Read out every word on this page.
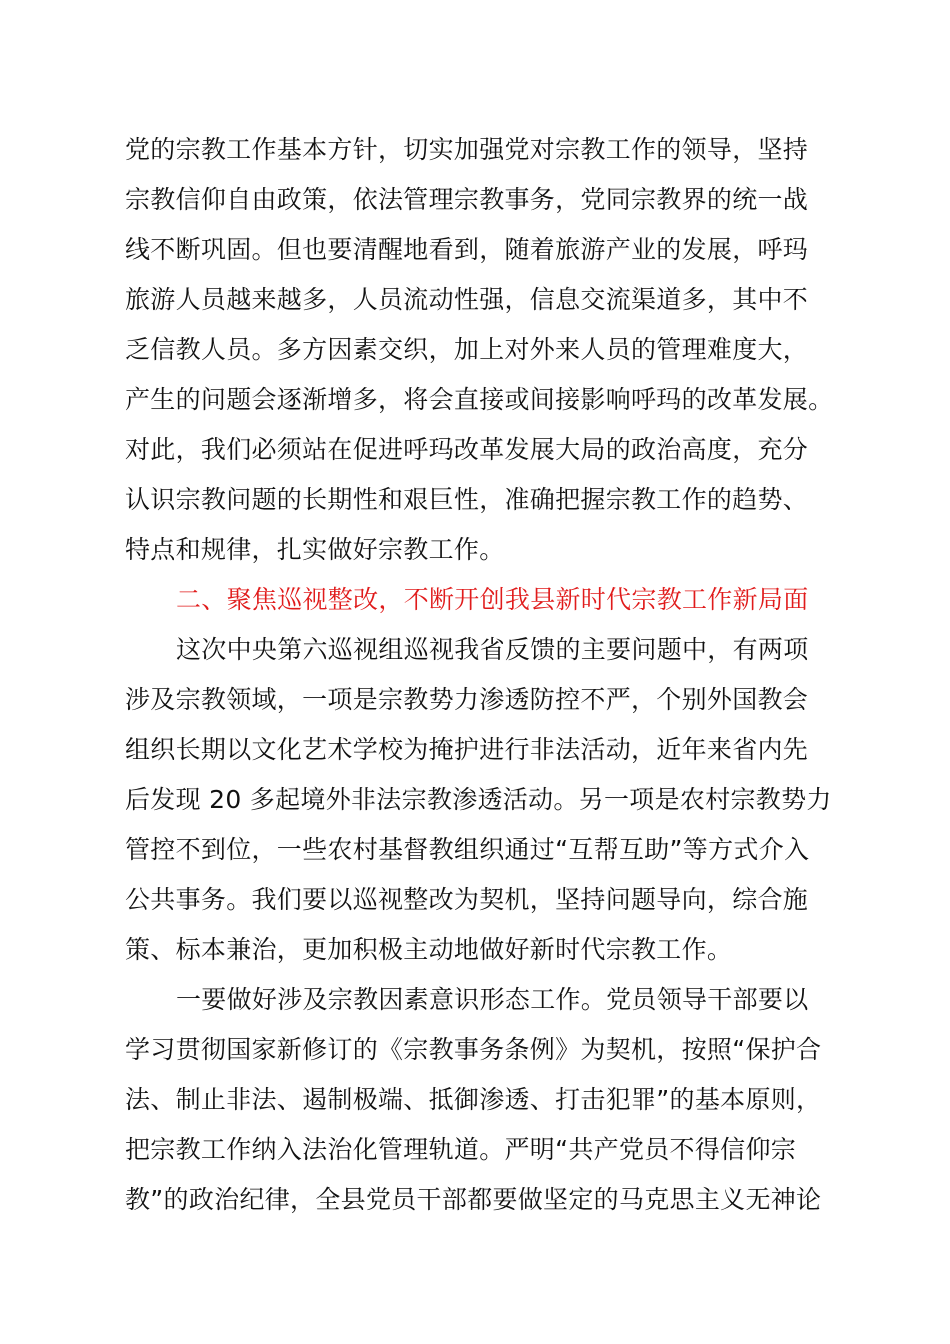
党的宗教工作基本方针，切实加强党对宗教工作的领导，坚持
宗教信仰自由政策，依法管理宗教事务，党同宗教界的统一战
线不断巩固。但也要清醒地看到，随着旅游产业的发展，呼玛
旅游人员越来越多，人员流动性强，信息交流渠道多，其中不
乏信教人员。多方因素交织，加上对外来人员的管理难度大，
产生的问题会逐渐增多，将会直接或间接影响呼玛的改革发展。
对此，我们必须站在促进呼玛改革发展大局的政治高度，充分
认识宗教问题的长期性和艰巨性，准确把握宗教工作的趋势、
特点和规律，扎实做好宗教工作。
二、聚焦巡视整改，不断开创我县新时代宗教工作新局面
这次中央第六巡视组巡视我省反馈的主要问题中，有两项
涉及宗教领域，一项是宗教势力渗透防控不严，个别外国教会
组织长期以文化艺术学校为掩护进行非法活动，近年来省内先
后发现 20 多起境外非法宗教渗透活动。另一项是农村宗教势力
管控不到位，一些农村基督教组织通过“互帮互助”等方式介入
公共事务。我们要以巡视整改为契机，坚持问题导向，综合施
策、标本兼治，更加积极主动地做好新时代宗教工作。
一要做好涉及宗教因素意识形态工作。党员领导干部要以
学习贯彻国家新修订的《宗教事务条例》为契机，按照“保护合
法、制止非法、遏制极端、抵御渗透、打击犯罪”的基本原则，
把宗教工作纳入法治化管理轨道。严明“共产党员不得信仰宗
教”的政治纪律，全县党员干部都要做坚定的马克思主义无神论
